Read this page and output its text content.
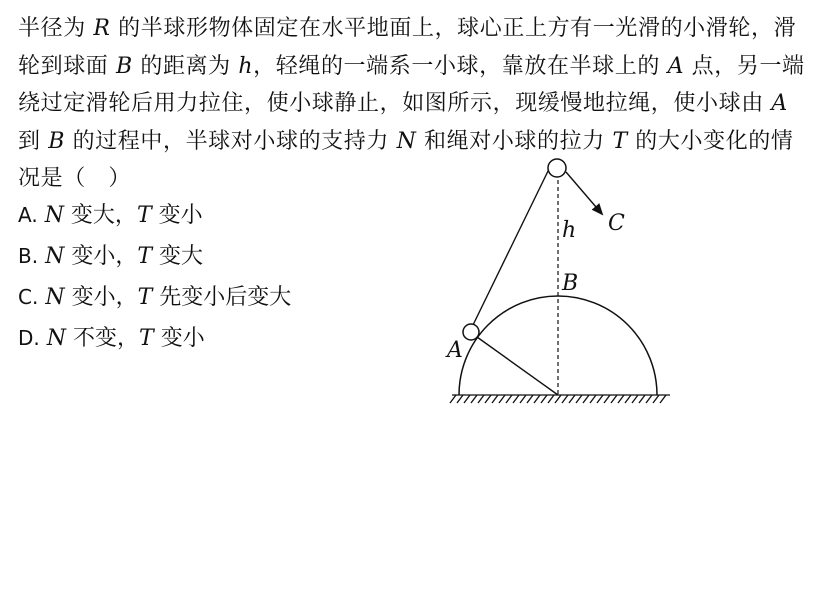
半径为 R 的半球形物体固定在水平地面上，球心正上方有一光滑的小滑轮，滑轮到球面 B 的距离为 h，轻绳的一端系一小球，靠放在半球上的 A 点，另一端绕过定滑轮后用力拉住，使小球静止，如图所示，现缓慢地拉绳，使小球由 A 到 B 的过程中，半球对小球的支持力 N 和绳对小球的拉力 T 的大小变化的情况是（　）

A. N 变大，T 变小
B. N 变小，T 变大
C. N 变小，T 先变小后变大
D. N 不变，T 变小
h
B
C
A
